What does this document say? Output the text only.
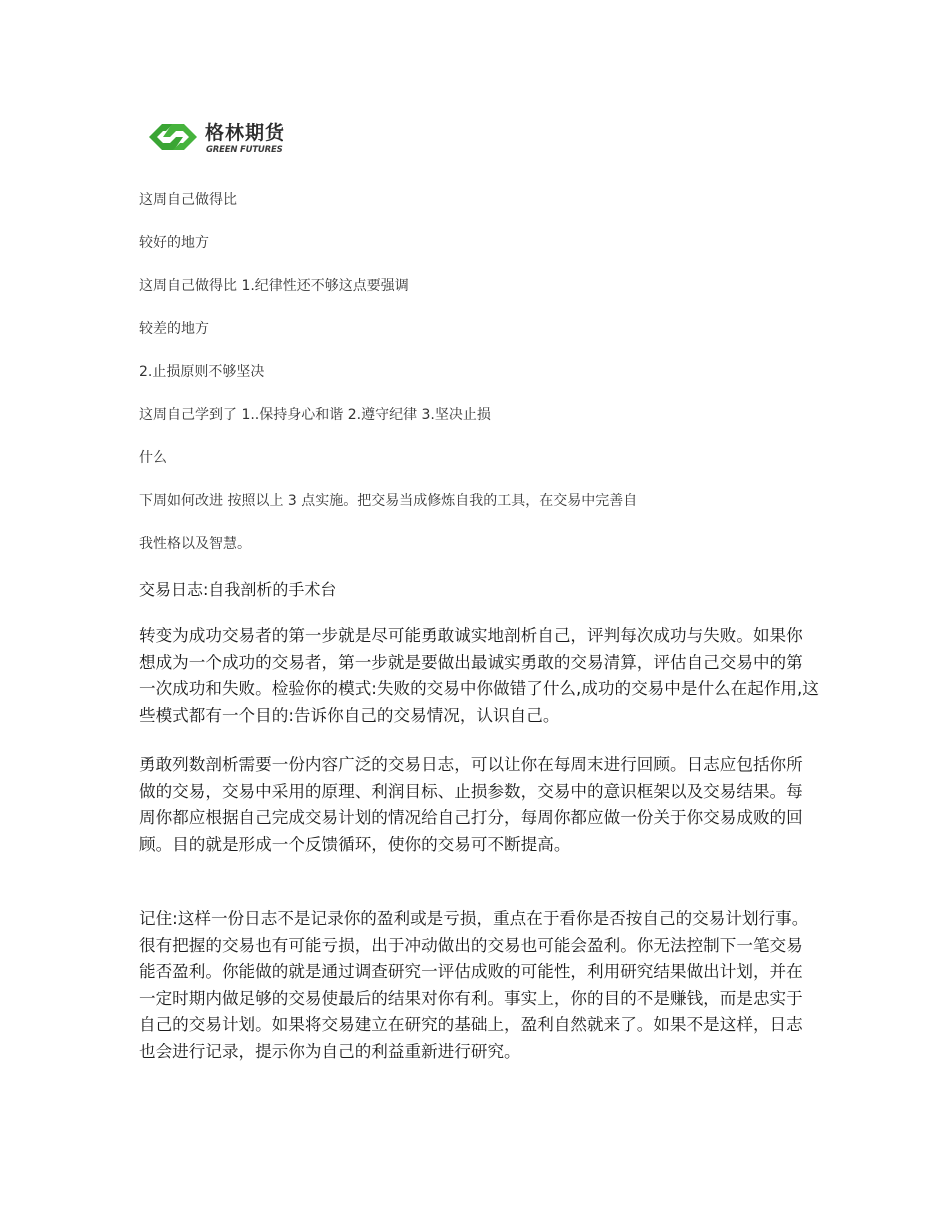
格林期货
GREEN FUTURES
这周自己做得比
较好的地方
这周自己做得比 1.纪律性还不够这点要强调
较差的地方
2.止损原则不够坚决
这周自己学到了 1..保持身心和谐 2.遵守纪律 3.坚决止损
什么
下周如何改进 按照以上 3 点实施。把交易当成修炼自我的工具，在交易中完善自
我性格以及智慧。
交易日志:自我剖析的手术台

转变为成功交易者的第一步就是尽可能勇敢诚实地剖析自己，评判每次成功与失败。如果你想成为一个成功的交易者，第一步就是要做出最诚实勇敢的交易清算，评估自己交易中的第一次成功和失败。检验你的模式:失败的交易中你做错了什么,成功的交易中是什么在起作用,这些模式都有一个目的:告诉你自己的交易情况，认识自己。

勇敢列数剖析需要一份内容广泛的交易日志，可以让你在每周末进行回顾。日志应包括你所做的交易，交易中采用的原理、利润目标、止损参数，交易中的意识框架以及交易结果。每周你都应根据自己完成交易计划的情况给自己打分，每周你都应做一份关于你交易成败的回顾。目的就是形成一个反馈循环，使你的交易可不断提高。

记住:这样一份日志不是记录你的盈利或是亏损，重点在于看你是否按自己的交易计划行事。很有把握的交易也有可能亏损，出于冲动做出的交易也可能会盈利。你无法控制下一笔交易能否盈利。你能做的就是通过调查研究一评估成败的可能性，利用研究结果做出计划，并在一定时期内做足够的交易使最后的结果对你有利。事实上，你的目的不是赚钱，而是忠实于自己的交易计划。如果将交易建立在研究的基础上，盈利自然就来了。如果不是这样，日志也会进行记录，提示你为自己的利益重新进行研究。
